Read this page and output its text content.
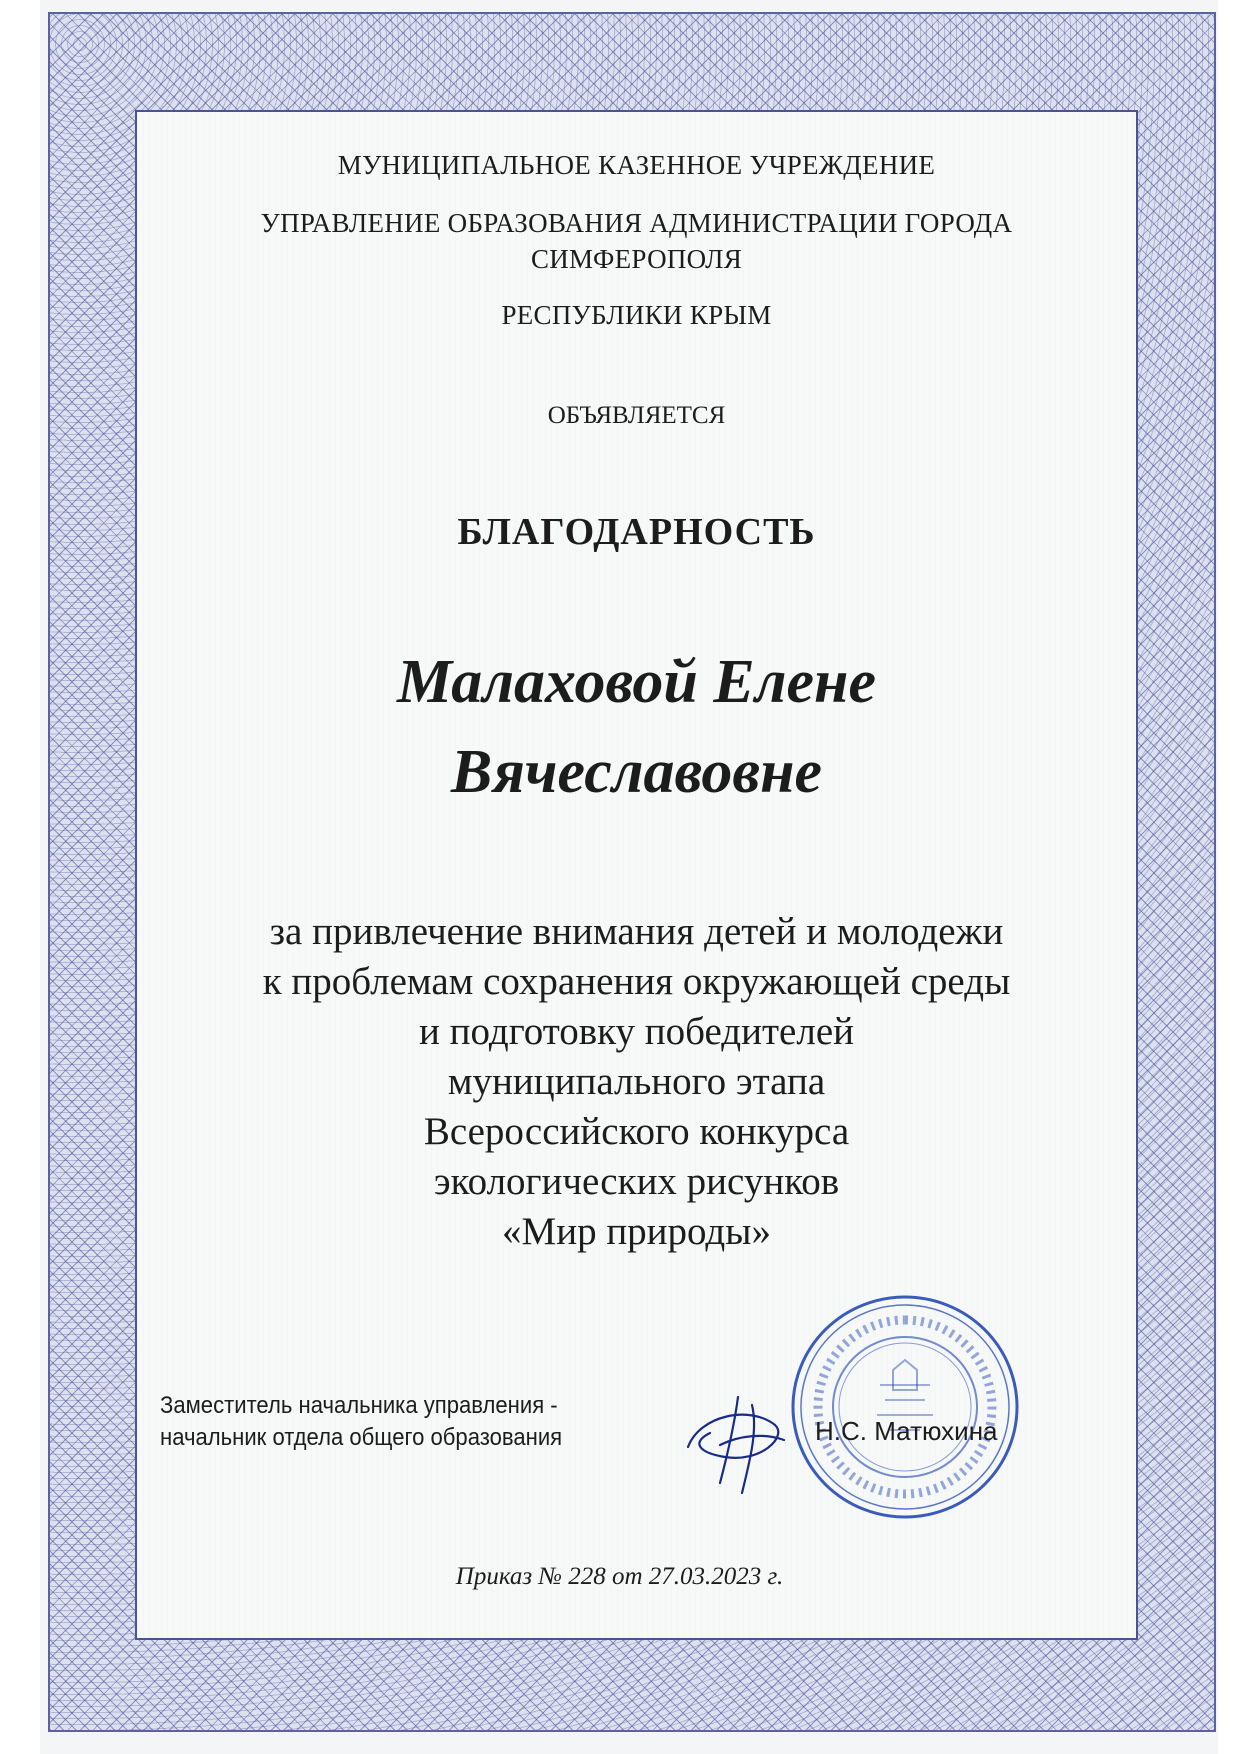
МУНИЦИПАЛЬНОЕ КАЗЕННОЕ УЧРЕЖДЕНИЕ
УПРАВЛЕНИЕ ОБРАЗОВАНИЯ АДМИНИСТРАЦИИ ГОРОДА
СИМФЕРОПОЛЯ
РЕСПУБЛИКИ КРЫМ
ОБЪЯВЛЯЕТСЯ
БЛАГОДАРНОСТЬ
Малаховой Елене
Вячеславовне
за привлечение внимания детей и молодежи
к проблемам сохранения окружающей среды
и подготовку победителей
муниципального этапа
Всероссийского конкурса
экологических рисунков
«Мир природы»
Заместитель начальника управления -
начальник отдела общего образования	Н.С. Матюхина
Приказ № 228 от 27.03.2023 г.
